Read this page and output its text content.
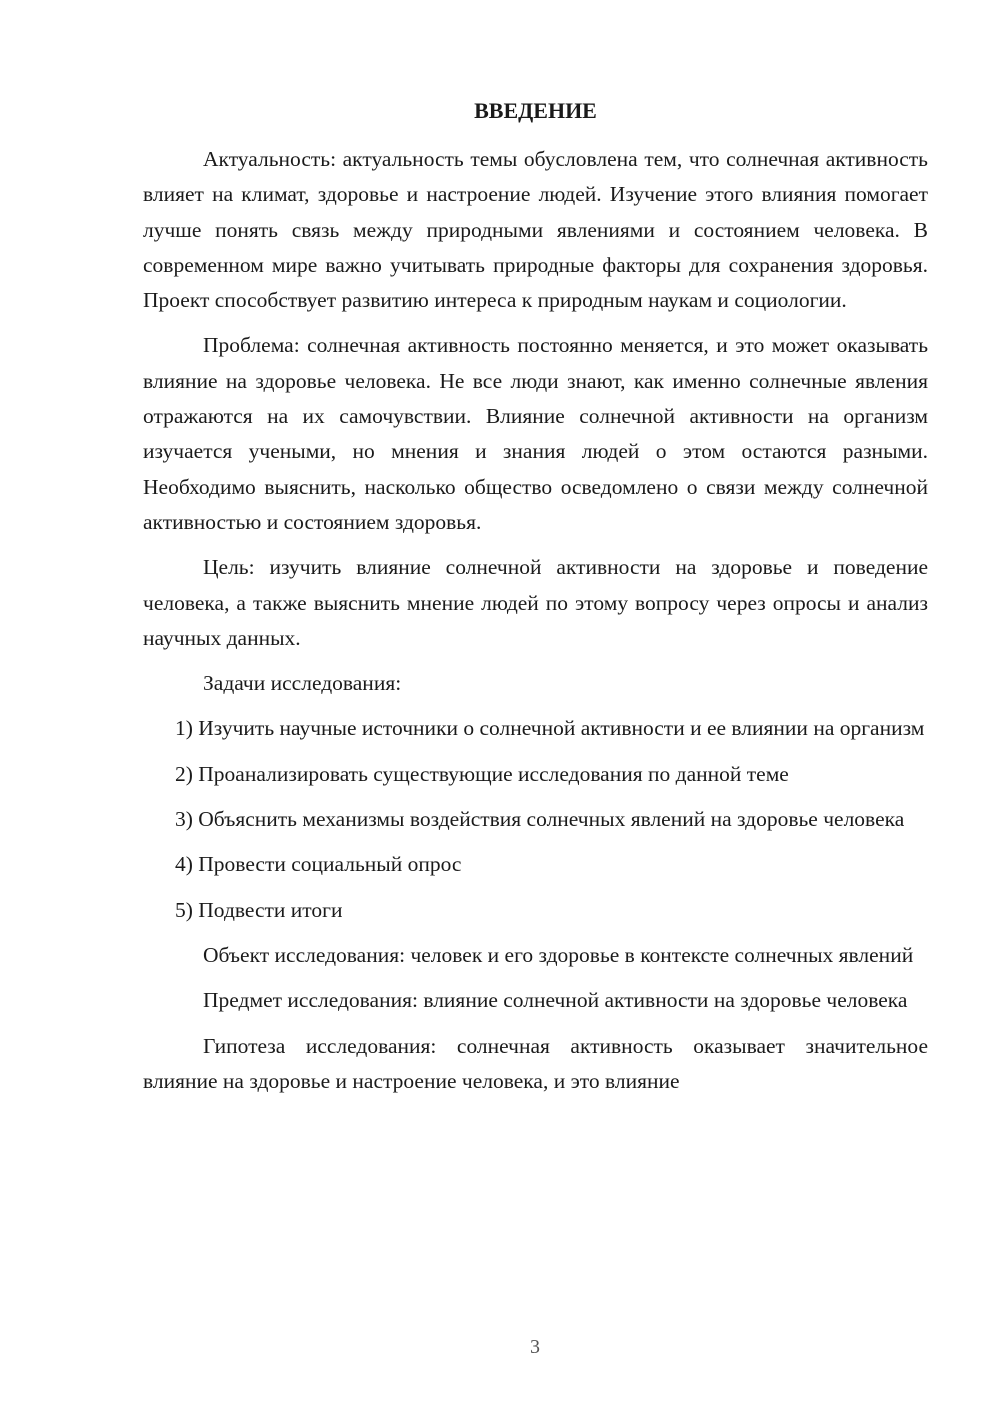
ВВЕДЕНИЕ

Актуальность: актуальность темы обусловлена тем, что солнечная активность влияет на климат, здоровье и настроение людей. Изучение этого влияния помогает лучше понять связь между природными явлениями и состоянием человека. В современном мире важно учитывать природные факторы для сохранения здоровья. Проект способствует развитию интереса к природным наукам и социологии.

Проблема: солнечная активность постоянно меняется, и это может оказывать влияние на здоровье человека. Не все люди знают, как именно солнечные явления отражаются на их самочувствии. Влияние солнечной активности на организм изучается учеными, но мнения и знания людей о этом остаются разными. Необходимо выяснить, насколько общество осведомлено о связи между солнечной активностью и состоянием здоровья.

Цель: изучить влияние солнечной активности на здоровье и поведение человека, а также выяснить мнение людей по этому вопросу через опросы и анализ научных данных.

Задачи исследования:

1) Изучить научные источники о солнечной активности и ее влиянии на организм

2) Проанализировать существующие исследования по данной теме

3) Объяснить механизмы воздействия солнечных явлений на здоровье человека

4) Провести социальный опрос

5) Подвести итоги

Объект исследования: человек и его здоровье в контексте солнечных явлений

Предмет исследования: влияние солнечной активности на здоровье человека

Гипотеза исследования: солнечная активность оказывает значительное влияние на здоровье и настроение человека, и это влияние

3
